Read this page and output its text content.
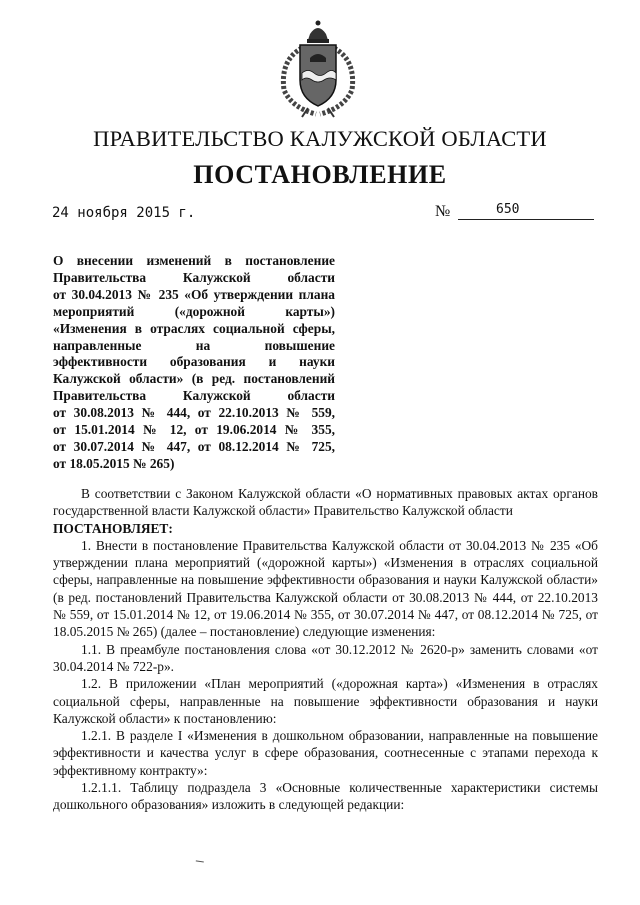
ПРАВИТЕЛЬСТВО КАЛУЖСКОЙ ОБЛАСТИ
ПОСТАНОВЛЕНИЕ
24 ноября 2015 г.	№	650
О внесении изменений в постановление
Правительства Калужской области
от 30.04.2013 № 235 «Об утверждении плана
мероприятий («дорожной карты»)
«Изменения в отраслях социальной сферы,
направленные на повышение
эффективности образования и науки
Калужской области» (в ред. постановлений
Правительства Калужской области
от 30.08.2013 № 444, от 22.10.2013 № 559,
от 15.01.2014 № 12, от 19.06.2014 № 355,
от 30.07.2014 № 447, от 08.12.2014 № 725,
от 18.05.2015 № 265)

В соответствии с Законом Калужской области «О нормативных правовых актах органов государственной власти Калужской области» Правительство Калужской области

ПОСТАНОВЛЯЕТ:

1. Внести в постановление Правительства Калужской области от 30.04.2013 № 235 «Об утверждении плана мероприятий («дорожной карты») «Изменения в отраслях социальной сферы, направленные на повышение эффективности образования и науки Калужской области» (в ред. постановлений Правительства Калужской области от 30.08.2013 № 444, от 22.10.2013 № 559, от 15.01.2014 № 12, от 19.06.2014 № 355, от 30.07.2014 № 447, от 08.12.2014 № 725, от 18.05.2015 № 265) (далее – постановление) следующие изменения:

1.1. В преамбуле постановления слова «от 30.12.2012 № 2620-р» заменить словами «от 30.04.2014 № 722-р».

1.2. В приложении «План мероприятий («дорожная карта») «Изменения в отраслях социальной сферы, направленные на повышение эффективности образования и науки Калужской области» к постановлению:

1.2.1. В разделе I «Изменения в дошкольном образовании, направленные на повышение эффективности и качества услуг в сфере образования, соотнесенные с этапами перехода к эффективному контракту»:

1.2.1.1. Таблицу подраздела 3 «Основные количественные характеристики системы дошкольного образования» изложить в следующей редакции:
